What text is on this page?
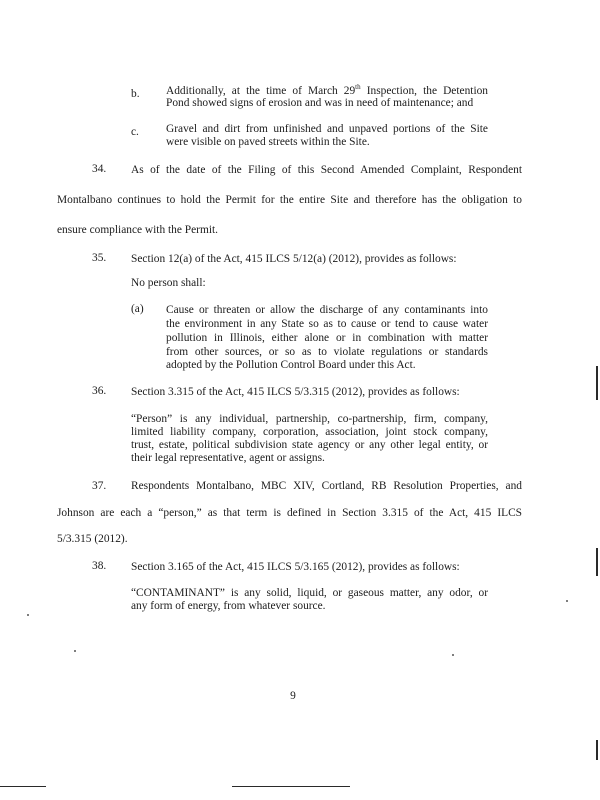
b. Additionally, at the time of March 29th Inspection, the Detention

Pond showed signs of erosion and was in need of maintenance; and

c. Gravel and dirt from unfinished and unpaved portions of the Site

were visible on paved streets within the Site.

34. As of the date of the Filing of this Second Amended Complaint, Respondent

Montalbano continues to hold the Permit for the entire Site and therefore has the obligation to

ensure compliance with the Permit.

35. Section 12(a) of the Act, 415 ILCS 5/12(a) (2012), provides as follows:

No person shall:

(a) Cause or threaten or allow the discharge of any contaminants into

the environment in any State so as to cause or tend to cause water

pollution in Illinois, either alone or in combination with matter

from other sources, or so as to violate regulations or standards

adopted by the Pollution Control Board under this Act.

36. Section 3.315 of the Act, 415 ILCS 5/3.315 (2012), provides as follows:

“Person” is any individual, partnership, co-partnership, firm, company,

limited liability company, corporation, association, joint stock company,

trust, estate, political subdivision state agency or any other legal entity, or

their legal representative, agent or assigns.

37. Respondents Montalbano, MBC XIV, Cortland, RB Resolution Properties, and

Johnson are each a “person,” as that term is defined in Section 3.315 of the Act, 415 ILCS

5/3.315 (2012).

38. Section 3.165 of the Act, 415 ILCS 5/3.165 (2012), provides as follows:

“CONTAMINANT” is any solid, liquid, or gaseous matter, any odor, or

any form of energy, from whatever source.

9
